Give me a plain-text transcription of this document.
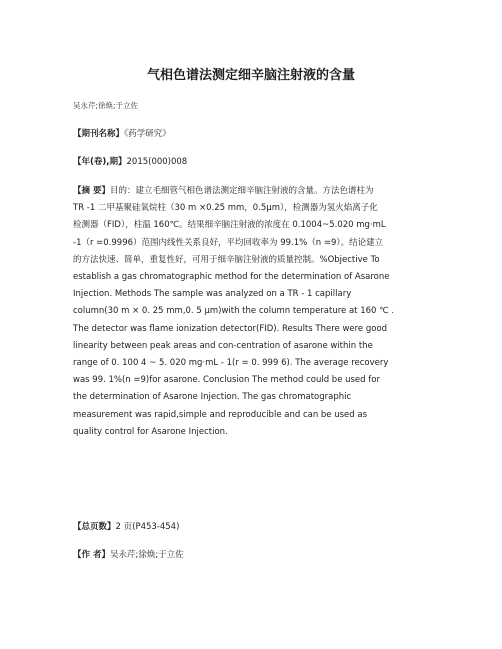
气相色谱法测定细辛脑注射液的含量
吴永芹;徐焕;于立佐
【期刊名称】《药学研究》
【年(卷),期】2015(000)008
【摘 要】目的：建立毛细管气相色谱法测定细辛脑注射液的含量。方法色谱柱为
TR -1 二甲基聚硅氧烷柱（30 m ×0.25 mm，0.5μm），检测器为氢火焰离子化
检测器（FID），柱温 160℃。结果细辛脑注射液的浓度在 0.1004~5.020 mg·mL
-1（r =0.9996）范围内线性关系良好，平均回收率为 99.1%（n =9）。结论建立
的方法快速、简单，重复性好，可用于细辛脑注射液的质量控制。%Objective To
establish a gas chromatographic method for the determination of Asarone
Injection. Methods The sample was analyzed on a TR - 1 capillary
column(30 m × 0. 25 mm,0. 5 μm)with the column temperature at 160 ℃ .
The detector was flame ionization detector(FID). Results There were good
linearity between peak areas and con-centration of asarone within the
range of 0. 100 4 ~ 5. 020 mg·mL - 1(r = 0. 999 6). The average recovery
was 99. 1%(n =9)for asarone. Conclusion The method could be used for
the determination of Asarone Injection. The gas chromatographic
measurement was rapid,simple and reproducible and can be used as
quality control for Asarone Injection.
【总页数】2 页(P453-454)
【作 者】吴永芹;徐焕;于立佐
